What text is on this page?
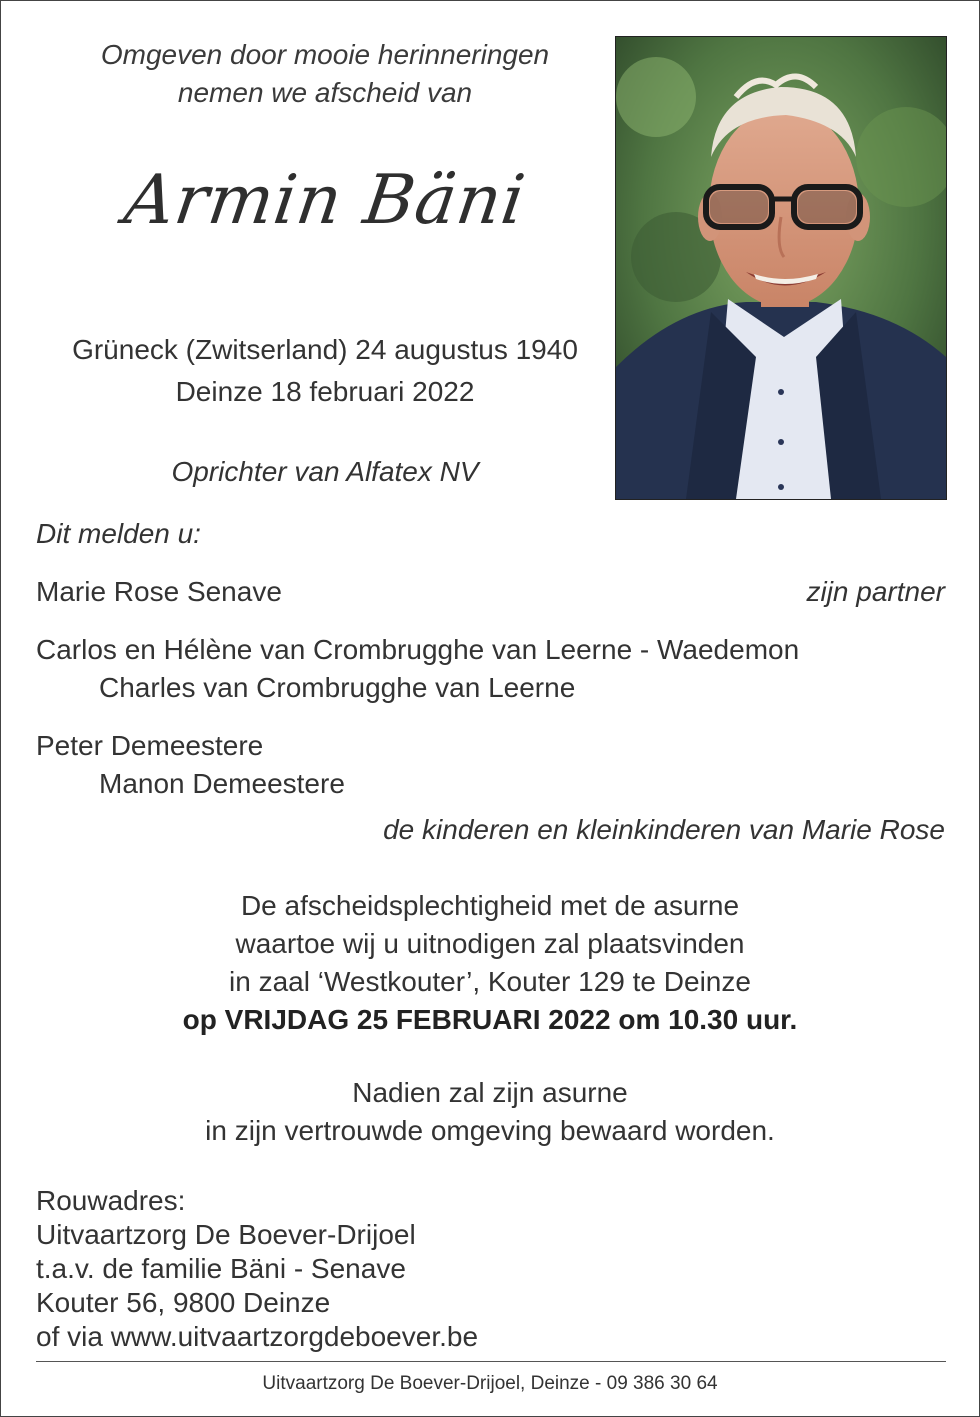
Omgeven door mooie herinneringen
nemen we afscheid van
Armin Bäni
Grüneck (Zwitserland) 24 augustus 1940
Deinze 18 februari 2022
Oprichter van Alfatex NV
Dit melden u:
Marie Rose Senave	zijn partner
Carlos en Hélène van Crombrugghe van Leerne - Waedemon
Charles van Crombrugghe van Leerne
Peter Demeestere
Manon Demeestere
de kinderen en kleinkinderen van Marie Rose
De afscheidsplechtigheid met de asurne
waartoe wij u uitnodigen zal plaatsvinden
in zaal ‘Westkouter’, Kouter 129 te Deinze
op VRIJDAG 25 FEBRUARI 2022 om 10.30 uur.
Nadien zal zijn asurne
in zijn vertrouwde omgeving bewaard worden.
Rouwadres:
Uitvaartzorg De Boever-Drijoel
t.a.v. de familie Bäni - Senave
Kouter 56, 9800 Deinze
of via www.uitvaartzorgdeboever.be
Uitvaartzorg De Boever-Drijoel, Deinze - 09 386 30 64
